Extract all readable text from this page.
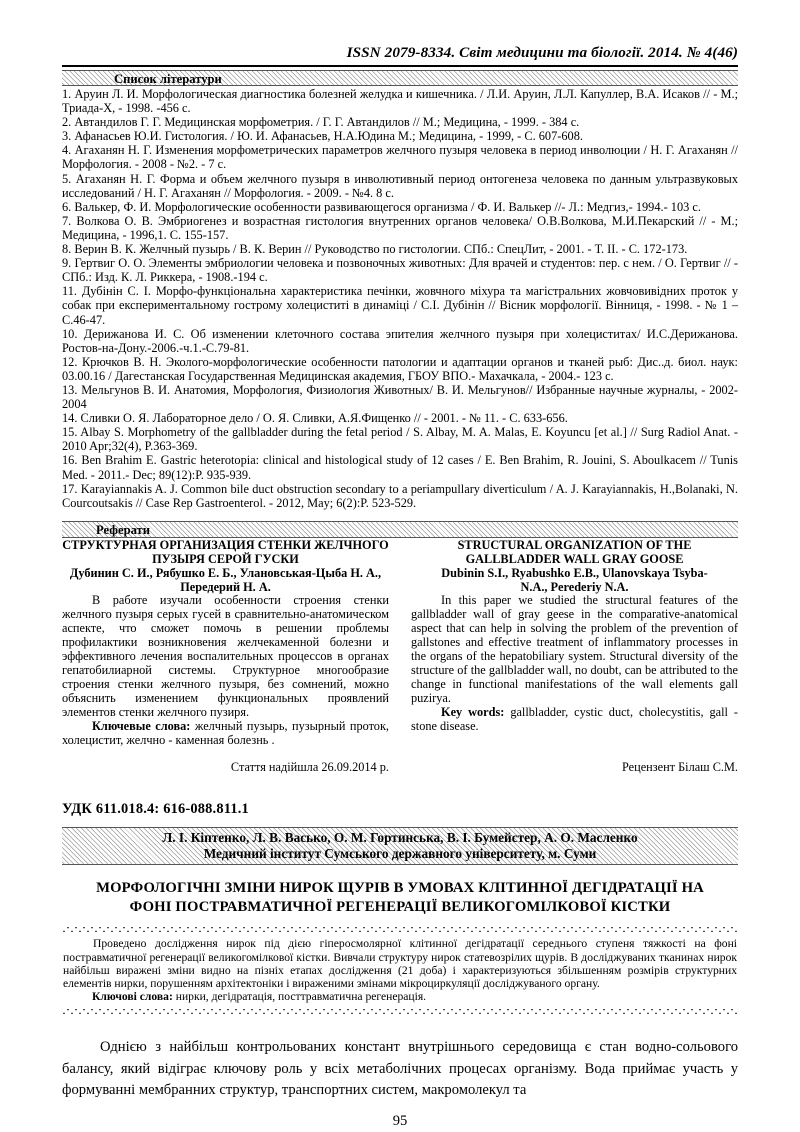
ISSN 2079-8334. Світ медицини та біології. 2014. № 4(46)
Список літератури

1. Аруин Л. И. Морфологическая диагностика болезней желудка и кишечника. / Л.И. Аруин, Л.Л. Капуллер, В.А. Исаков // - М.; Триада-Х, - 1998. -456 с.

2. Автандилов Г. Г. Медицинская морфометрия. / Г. Г. Автандилов // М.; Медицина, - 1999. - 384 с.

3. Афанасьев Ю.И. Гистология. / Ю. И. Афанасьев, Н.А.Юдина М.; Медицина, - 1999, - С. 607-608.

4. Агаханян Н. Г. Изменения морфометрических параметров желчного пузыря человека в период инволюции / Н. Г. Агаханян // Морфология. - 2008 - №2. - 7 с.

5. Агаханян Н. Г. Форма и объем желчного пузыря в инволютивный период онтогенеза человека по данным ультразвуковых исследований / Н. Г. Агаханян // Морфология. - 2009. - №4. 8 с.

6. Валькер, Ф. И. Морфологические особенности развивающегося организма / Ф. И. Валькер //- Л.: Медгиз,- 1994.- 103 с.

7. Волкова О. В. Эмбриогенез и возрастная гистология внутренних органов человека/ О.В.Волкова, М.И.Пекарский // - М.; Медицина, - 1996,1. С. 155-157.

8. Верин В. К. Желчный пузырь / В. К. Верин // Руководство по гистологии. СПб.: СпецЛит, - 2001. - Т. II. - С. 172-173.

9. Гертвиг О. О. Элементы эмбриологии человека и позвоночных животных: Для врачей и студентов: пер. с нем. / О. Гертвиг // - СПб.: Изд. К. Л. Риккера, - 1908.-194 с.

11. Дубінін С. І. Морфо-функціональна характеристика печінки, жовчного міхура та магістральних жовчовивідних проток у собак при експериментальному гострому холециститі в динаміці / С.І. Дубінін // Вісник морфології. Вінниця, - 1998. - № 1 – С.46-47.

10. Дерижанова И. С. Об изменении клеточного состава эпителия желчного пузыря при холециститах/ И.С.Дерижанова. Ростов-на-Дону.-2006.-ч.1.-С.79-81.

12. Крючков В. Н. Эколого-морфологические особенности патологии и адаптации органов и тканей рыб: Дис..д. биол. наук: 03.00.16 / Дагестанская Государственная Медицинская академия, ГБОУ ВПО.- Махачкала, - 2004.- 123 с.

13. Мельгунов В. И. Анатомия, Морфология, Физиология Животных/ В. И. Мельгунов// Избранные научные журналы, - 2002-2004

14. Сливки О. Я. Лабораторное дело / О. Я. Сливки, А.Я.Фищенко // - 2001. - № 11. - С. 633-656.

15. Albay S. Morphometry of the gallbladder during the fetal period / S. Albay, M. A. Malas, E. Koyuncu [et al.] // Surg Radiol Anat. - 2010 Apr;32(4), P.363-369.

16. Ben Brahim E. Gastric heterotopia: clinical and histological study of 12 cases / E. Ben Brahim, R. Jouini, S. Aboulkacem // Tunis Med. - 2011.- Dec; 89(12):P. 935-939.

17. Karayiannakis A. J. Common bile duct obstruction secondary to a periampullary diverticulum / A. J. Karayiannakis, H.,Bolanaki, N. Courcoutsakis // Case Rep Gastroenterol. - 2012, May; 6(2):P. 523-529.

Реферати
СТРУКТУРНАЯ ОРГАНИЗАЦИЯ СТЕНКИ ЖЕЛЧНОГО
ПУЗЫРЯ СЕРОЙ ГУСКИ
Дубинин С. И., Рябушко Е. Б., Улановськая-Цыба Н. А.,
Передерий Н. А.
В работе изучали особенности строения стенки желчного пузыря серых гусей в сравнительно-анатомическом аспекте, что сможет помочь в решении проблемы профилактики возникновения желчекаменной болезни и эффективного лечения воспалительных процессов в органах гепатобилиарной системы. Структурное многообразие строения стенки желчного пузыря, без сомнений, можно объяснить изменением функциональных проявлений элементов стенки желчного пузиря.
Ключевые слова: желчный пузырь, пузырный проток, холецистит, желчно - каменная болезнь .
Стаття надійшла 26.09.2014 р.
STRUCTURAL ORGANIZATION OF THE
GALLBLADDER WALL GRAY GOOSE
Dubinin S.I., Ryabushko E.B., Ulanovskaya Tsyba-
N.A., Perederiy N.A.
In this paper we studied the structural features of the gallbladder wall of gray geese in the comparative-anatomical aspect that can help in solving the problem of the prevention of gallstones and effective treatment of inflammatory processes in the organs of the hepatobiliary system. Structural diversity of the structure of the gallbladder wall, no doubt, can be attributed to the change in functional manifestations of the wall elements gall puzirya.
Key words: gallbladder, cystic duct, cholecystitis, gall - stone disease.
Рецензент Білаш С.М.
УДК 611.018.4: 616-088.811.1
Л. І. Кіптенко, Л. В. Васько, О. М. Гортинська, В. І. Бумейстер, А. О. Масленко
Медичний інститут Сумського державного університету, м. Суми
МОРФОЛОГІЧНІ ЗМІНИ НИРОК ЩУРІВ В УМОВАХ КЛІТИННОЇ ДЕГІДРАТАЦІЇ НА
ФОНІ ПОСТРАВМАТИЧНОЇ РЕГЕНЕРАЦІЇ ВЕЛИКОГОМІЛКОВОЇ КІСТКИ
Проведено дослідження нирок під дією гіперосмолярної клітинної дегідратації середнього ступеня тяжкості на фоні постравматичної регенерації великогомілкової кістки. Вивчали структуру нирок статевозрілих щурів. В досліджуваних тканинах нирок найбільш виражені зміни видно на пізніх етапах дослідження (21 доба) і характеризуються збільшенням розмірів структурних елементів нирки, порушенням архітектоніки і вираженими змінами мікроциркуляції досліджуваного органу.
Ключові слова: нирки, дегідратація, посттравматична регенерація.
Однією з найбільш контрольованих констант внутрішнього середовища є стан водно-сольового балансу, який відіграє ключову роль у всіх метаболічних процесах організму. Вода приймає участь у формуванні мембранних структур, транспортних систем, макромолекул та
95
